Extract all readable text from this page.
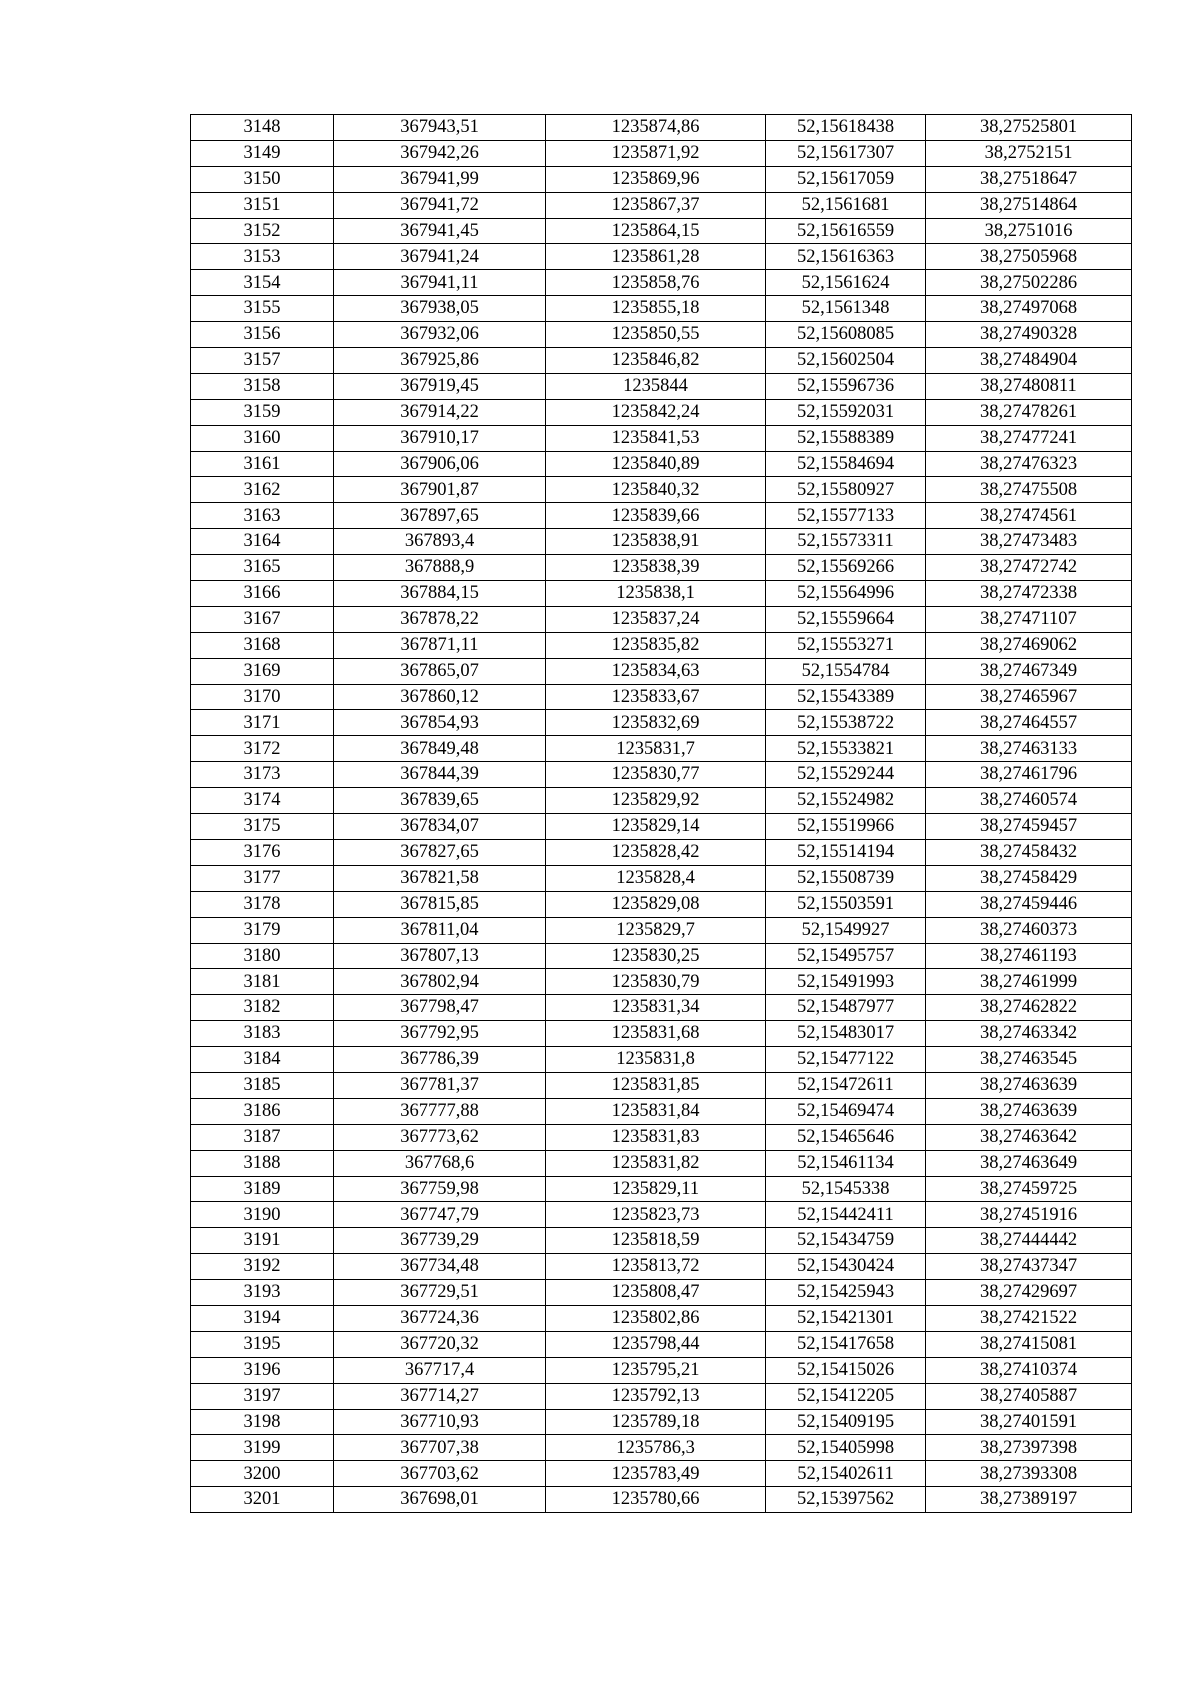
3148	367943,51	1235874,86	52,15618438	38,27525801
3149	367942,26	1235871,92	52,15617307	38,2752151
3150	367941,99	1235869,96	52,15617059	38,27518647
3151	367941,72	1235867,37	52,1561681	38,27514864
3152	367941,45	1235864,15	52,15616559	38,2751016
3153	367941,24	1235861,28	52,15616363	38,27505968
3154	367941,11	1235858,76	52,1561624	38,27502286
3155	367938,05	1235855,18	52,1561348	38,27497068
3156	367932,06	1235850,55	52,15608085	38,27490328
3157	367925,86	1235846,82	52,15602504	38,27484904
3158	367919,45	1235844	52,15596736	38,27480811
3159	367914,22	1235842,24	52,15592031	38,27478261
3160	367910,17	1235841,53	52,15588389	38,27477241
3161	367906,06	1235840,89	52,15584694	38,27476323
3162	367901,87	1235840,32	52,15580927	38,27475508
3163	367897,65	1235839,66	52,15577133	38,27474561
3164	367893,4	1235838,91	52,15573311	38,27473483
3165	367888,9	1235838,39	52,15569266	38,27472742
3166	367884,15	1235838,1	52,15564996	38,27472338
3167	367878,22	1235837,24	52,15559664	38,27471107
3168	367871,11	1235835,82	52,15553271	38,27469062
3169	367865,07	1235834,63	52,1554784	38,27467349
3170	367860,12	1235833,67	52,15543389	38,27465967
3171	367854,93	1235832,69	52,15538722	38,27464557
3172	367849,48	1235831,7	52,15533821	38,27463133
3173	367844,39	1235830,77	52,15529244	38,27461796
3174	367839,65	1235829,92	52,15524982	38,27460574
3175	367834,07	1235829,14	52,15519966	38,27459457
3176	367827,65	1235828,42	52,15514194	38,27458432
3177	367821,58	1235828,4	52,15508739	38,27458429
3178	367815,85	1235829,08	52,15503591	38,27459446
3179	367811,04	1235829,7	52,1549927	38,27460373
3180	367807,13	1235830,25	52,15495757	38,27461193
3181	367802,94	1235830,79	52,15491993	38,27461999
3182	367798,47	1235831,34	52,15487977	38,27462822
3183	367792,95	1235831,68	52,15483017	38,27463342
3184	367786,39	1235831,8	52,15477122	38,27463545
3185	367781,37	1235831,85	52,15472611	38,27463639
3186	367777,88	1235831,84	52,15469474	38,27463639
3187	367773,62	1235831,83	52,15465646	38,27463642
3188	367768,6	1235831,82	52,15461134	38,27463649
3189	367759,98	1235829,11	52,1545338	38,27459725
3190	367747,79	1235823,73	52,15442411	38,27451916
3191	367739,29	1235818,59	52,15434759	38,27444442
3192	367734,48	1235813,72	52,15430424	38,27437347
3193	367729,51	1235808,47	52,15425943	38,27429697
3194	367724,36	1235802,86	52,15421301	38,27421522
3195	367720,32	1235798,44	52,15417658	38,27415081
3196	367717,4	1235795,21	52,15415026	38,27410374
3197	367714,27	1235792,13	52,15412205	38,27405887
3198	367710,93	1235789,18	52,15409195	38,27401591
3199	367707,38	1235786,3	52,15405998	38,27397398
3200	367703,62	1235783,49	52,15402611	38,27393308
3201	367698,01	1235780,66	52,15397562	38,27389197
